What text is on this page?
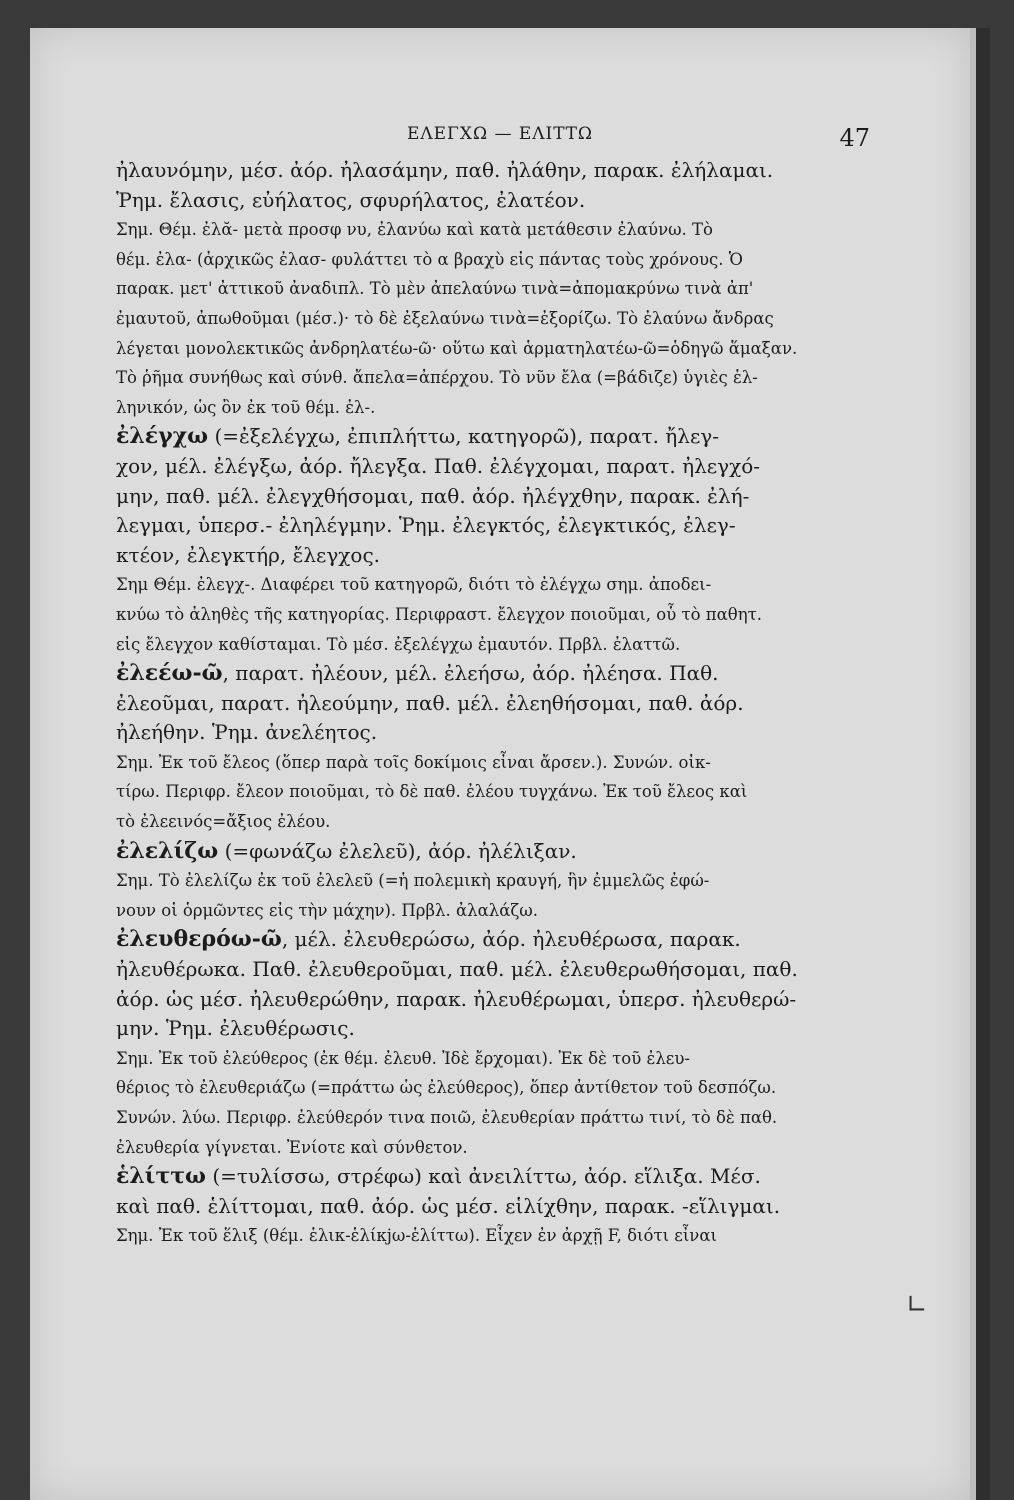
ΕΛΕΓΧΩ — ΕΛΙΤΤΩ	47
ἠλαυνόμην, μέσ. ἀόρ. ἠλασάμην, παθ. ἠλάθην, παρακ. ἐλήλαμαι.
Ῥημ. ἔλασις, εὐήλατος, σφυρήλατος, ἐλατέον.
Σημ. Θέμ. ἐλᾰ- μετὰ προσφ νυ, ἐλανύω καὶ κατὰ μετάθεσιν ἐλαύνω. Τὸ
θέμ. ἐλα- (ἀρχικῶς ἐλασ- φυλάττει τὸ α βραχὺ εἰς πάντας τοὺς χρόνους. Ὁ
παρακ. μετ' ἀττικοῦ ἀναδιπλ. Τὸ μὲν ἀπελαύνω τινὰ=ἀπομακρύνω τινὰ ἀπ'
ἐμαυτοῦ, ἀπωθοῦμαι (μέσ.)· τὸ δὲ ἐξελαύνω τινὰ=ἐξορίζω. Τὸ ἐλαύνω ἄνδρας
λέγεται μονολεκτικῶς ἀνδρηλατέω-ῶ· οὕτω καὶ ἁρματηλατέω-ῶ=ὁδηγῶ ἅμαξαν.
Τὸ ῥῆμα συνήθως καὶ σύνθ. ἄπελα=ἀπέρχου. Τὸ νῦν ἔλα (=βάδιζε) ὑγιὲς ἑλ-
ληνικόν, ὡς ὂν ἐκ τοῦ θέμ. ἐλ-.
ἐλέγχω (=ἐξελέγχω, ἐπιπλήττω, κατηγορῶ), παρατ. ἤλεγ-
χον, μέλ. ἐλέγξω, ἀόρ. ἤλεγξα. Παθ. ἐλέγχομαι, παρατ. ἠλεγχό-
μην, παθ. μέλ. ἐλεγχθήσομαι, παθ. ἀόρ. ἠλέγχθην, παρακ. ἐλή-
λεγμαι, ὑπερσ.- ἐληλέγμην. Ῥημ. ἐλεγκτός, ἐλεγκτικός, ἐλεγ-
κτέον, ἐλεγκτήρ, ἔλεγχος.
Σημ Θέμ. ἐλεγχ-. Διαφέρει τοῦ κατηγορῶ, διότι τὸ ἐλέγχω σημ. ἀποδει-
κνύω τὸ ἀληθὲς τῆς κατηγορίας. Περιφραστ. ἔλεγχον ποιοῦμαι, οὗ τὸ παθητ.
εἰς ἔλεγχον καθίσταμαι. Τὸ μέσ. ἐξελέγχω ἐμαυτόν. Πρβλ. ἐλαττῶ.
ἐλεέω-ῶ, παρατ. ἠλέουν, μέλ. ἐλεήσω, ἀόρ. ἠλέησα. Παθ.
ἐλεοῦμαι, παρατ. ἠλεούμην, παθ. μέλ. ἐλεηθήσομαι, παθ. ἀόρ.
ἠλεήθην. Ῥημ. ἀνελέητος.
Σημ. Ἐκ τοῦ ἔλεος (ὅπερ παρὰ τοῖς δοκίμοις εἶναι ἄρσεν.). Συνών. οἰκ-
τίρω. Περιφρ. ἔλεον ποιοῦμαι, τὸ δὲ παθ. ἐλέου τυγχάνω. Ἐκ τοῦ ἔλεος καὶ
τὸ ἐλεεινός=ἄξιος ἐλέου.
ἐλελίζω (=φωνάζω ἐλελεῦ), ἀόρ. ἠλέλιξαν.
Σημ. Τὸ ἐλελίζω ἐκ τοῦ ἐλελεῦ (=ἡ πολεμικὴ κραυγή, ἣν ἐμμελῶς ἐφώ-
νουν οἱ ὁρμῶντες εἰς τὴν μάχην). Πρβλ. ἀλαλάζω.
ἐλευθερόω-ῶ, μέλ. ἐλευθερώσω, ἀόρ. ἠλευθέρωσα, παρακ.
ἠλευθέρωκα. Παθ. ἐλευθεροῦμαι, παθ. μέλ. ἐλευθερωθήσομαι, παθ.
ἀόρ. ὡς μέσ. ἠλευθερώθην, παρακ. ἠλευθέρωμαι, ὑπερσ. ἠλευθερώ-
μην. Ῥημ. ἐλευθέρωσις.
Σημ. Ἐκ τοῦ ἐλεύθερος (ἐκ θέμ. ἐλευθ. Ἰδὲ ἔρχομαι). Ἐκ δὲ τοῦ ἐλευ-
θέριος τὸ ἐλευθεριάζω (=πράττω ὡς ἐλεύθερος), ὅπερ ἀντίθετον τοῦ δεσπόζω.
Συνών. λύω. Περιφρ. ἐλεύθερόν τινα ποιῶ, ἐλευθερίαν πράττω τινί, τὸ δὲ παθ.
ἐλευθερία γίγνεται. Ἐνίοτε καὶ σύνθετον.
ἑλίττω (=τυλίσσω, στρέφω) καὶ ἀνειλίττω, ἀόρ. εἵλιξα. Μέσ.
καὶ παθ. ἑλίττομαι, παθ. ἀόρ. ὡς μέσ. εἱλίχθην, παρακ. -εἵλιγμαι.
Σημ. Ἐκ τοῦ ἕλιξ (θέμ. ἑλικ-ἑλίκjω-ἑλίττω). Εἶχεν ἐν ἀρχῇ F, διότι εἶναι
∟
